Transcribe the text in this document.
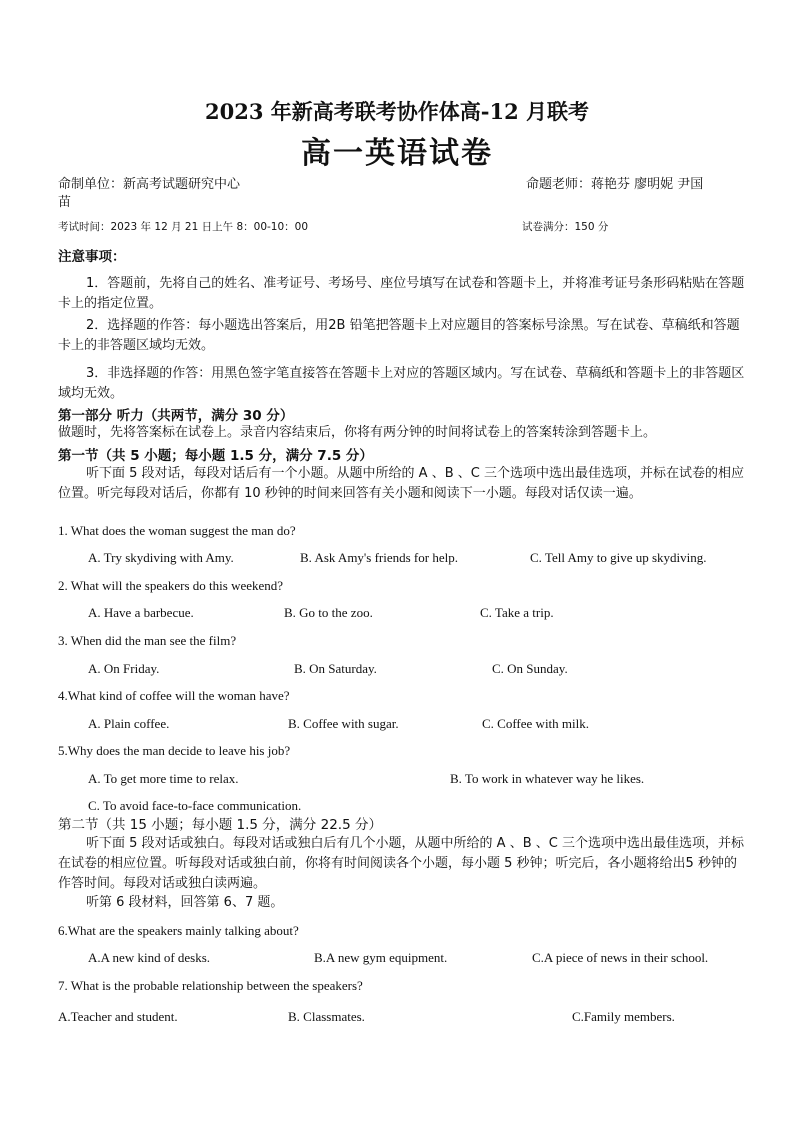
2023 年新高考联考协作体高-12 月联考
高一英语试卷
命制单位：新高考试题研究中心	命题老师：蒋艳芬 廖明妮 尹国
苗
考试时间：2023 年 12 月 21 日上午 8：00-10：00	试卷满分：150 分
注意事项：
1．答题前，先将自己的姓名、准考证号、考场号、座位号填写在试卷和答题卡上，并将准考证号条形码粘贴在答题卡上的指定位置。
2．选择题的作答：每小题选出答案后，用2B 铅笔把答题卡上对应题目的答案标号涂黑。写在试卷、草稿纸和答题卡上的非答题区域均无效。
3．非选择题的作答：用黑色签字笔直接答在答题卡上对应的答题区域内。写在试卷、草稿纸和答题卡上的非答题区域均无效。
第一部分 听力（共两节，满分 30 分）
做题时，先将答案标在试卷上。录音内容结束后，你将有两分钟的时间将试卷上的答案转涂到答题卡上。
第一节（共 5 小题；每小题 1.5 分，满分 7.5 分）
听下面 5 段对话，每段对话后有一个小题。从题中所给的 A 、B 、C 三个选项中选出最佳选项，并标在试卷的相应位置。听完每段对话后，你都有 10 秒钟的时间来回答有关小题和阅读下一小题。每段对话仅读一遍。
1. What does the woman suggest the man do?
A. Try skydiving with Amy.	B. Ask Amy's friends for help.	C. Tell Amy to give up skydiving.
2. What will the speakers do this weekend?
A. Have a barbecue.	B. Go to the zoo.	C. Take a trip.
3. When did the man see the film?
A. On Friday.	B. On Saturday.	C. On Sunday.
4.What kind of coffee will the woman have?
A. Plain coffee.	B. Coffee with sugar.	C. Coffee with milk.
5.Why does the man decide to leave his job?
A. To get more time to relax.	B. To work in whatever way he likes.
C. To avoid face-to-face communication.
第二节（共 15 小题；每小题 1.5 分，满分 22.5 分）
听下面 5 段对话或独白。每段对话或独白后有几个小题，从题中所给的 A 、B 、C 三个选项中选出最佳选项，并标在试卷的相应位置。听每段对话或独白前，你将有时间阅读各个小题，每小题 5 秒钟；听完后，各小题将给出5 秒钟的作答时间。每段对话或独白读两遍。
听第 6 段材料，回答第 6、7 题。
6.What are the speakers mainly talking about?
A.A new kind of desks.	B.A new gym equipment.	C.A piece of news in their school.
7. What is the probable relationship between the speakers?
A.Teacher and student.	B. Classmates.	C.Family members.
